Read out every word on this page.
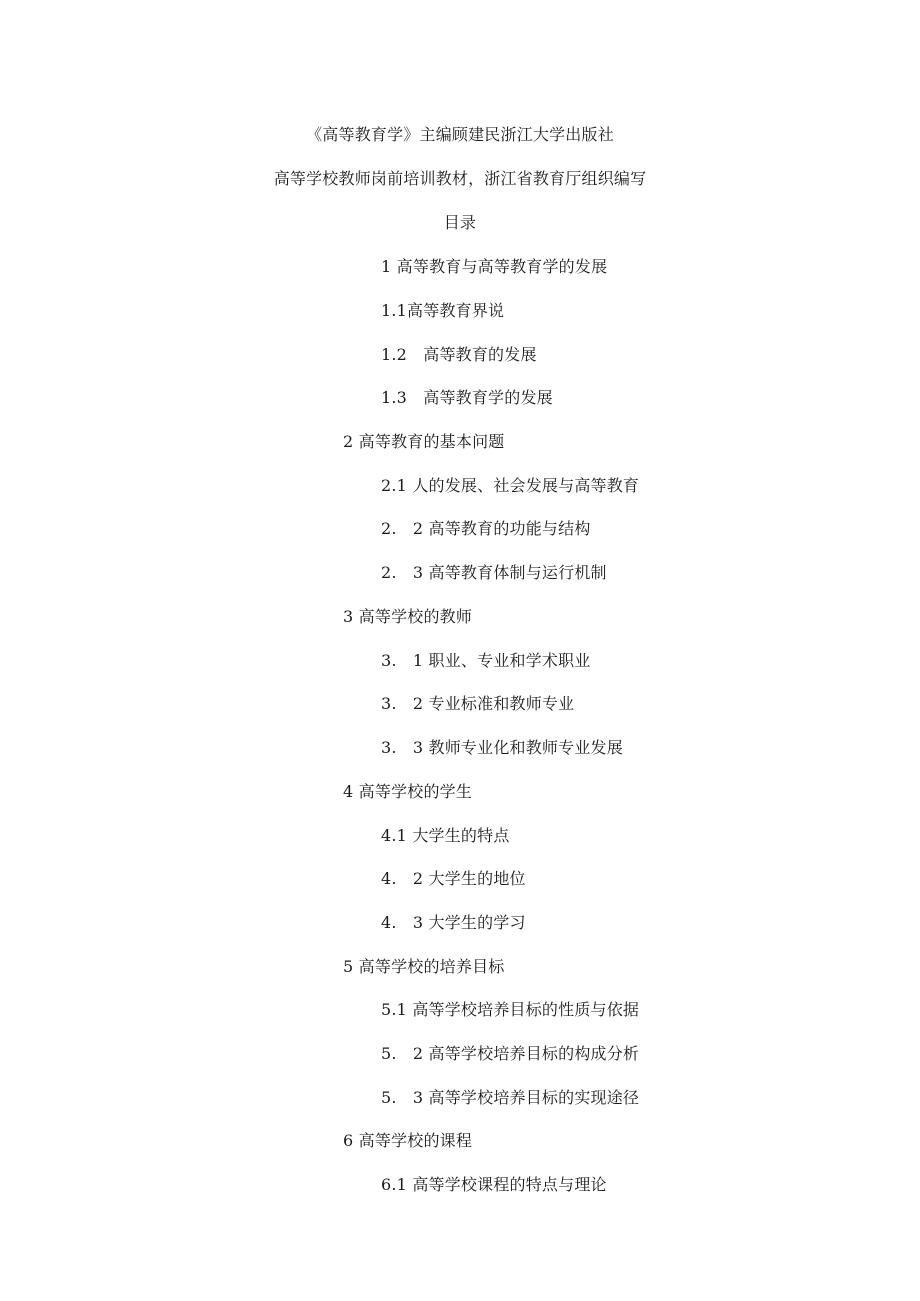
《高等教育学》主编顾建民浙江大学出版社
高等学校教师岗前培训教材，浙江省教育厅组织编写
目录
1 高等教育与高等教育学的发展
1.1高等教育界说
1.2　高等教育的发展
1.3　高等教育学的发展
2 高等教育的基本问题
2.1 人的发展、社会发展与高等教育
2.　2 高等教育的功能与结构
2.　3 高等教育体制与运行机制
3 高等学校的教师
3.　1 职业、专业和学术职业
3.　2 专业标准和教师专业
3.　3 教师专业化和教师专业发展
4 高等学校的学生
4.1 大学生的特点
4.　2 大学生的地位
4.　3 大学生的学习
5 高等学校的培养目标
5.1 高等学校培养目标的性质与依据
5.　2 高等学校培养目标的构成分析
5.　3 高等学校培养目标的实现途径
6 高等学校的课程
6.1 高等学校课程的特点与理论
